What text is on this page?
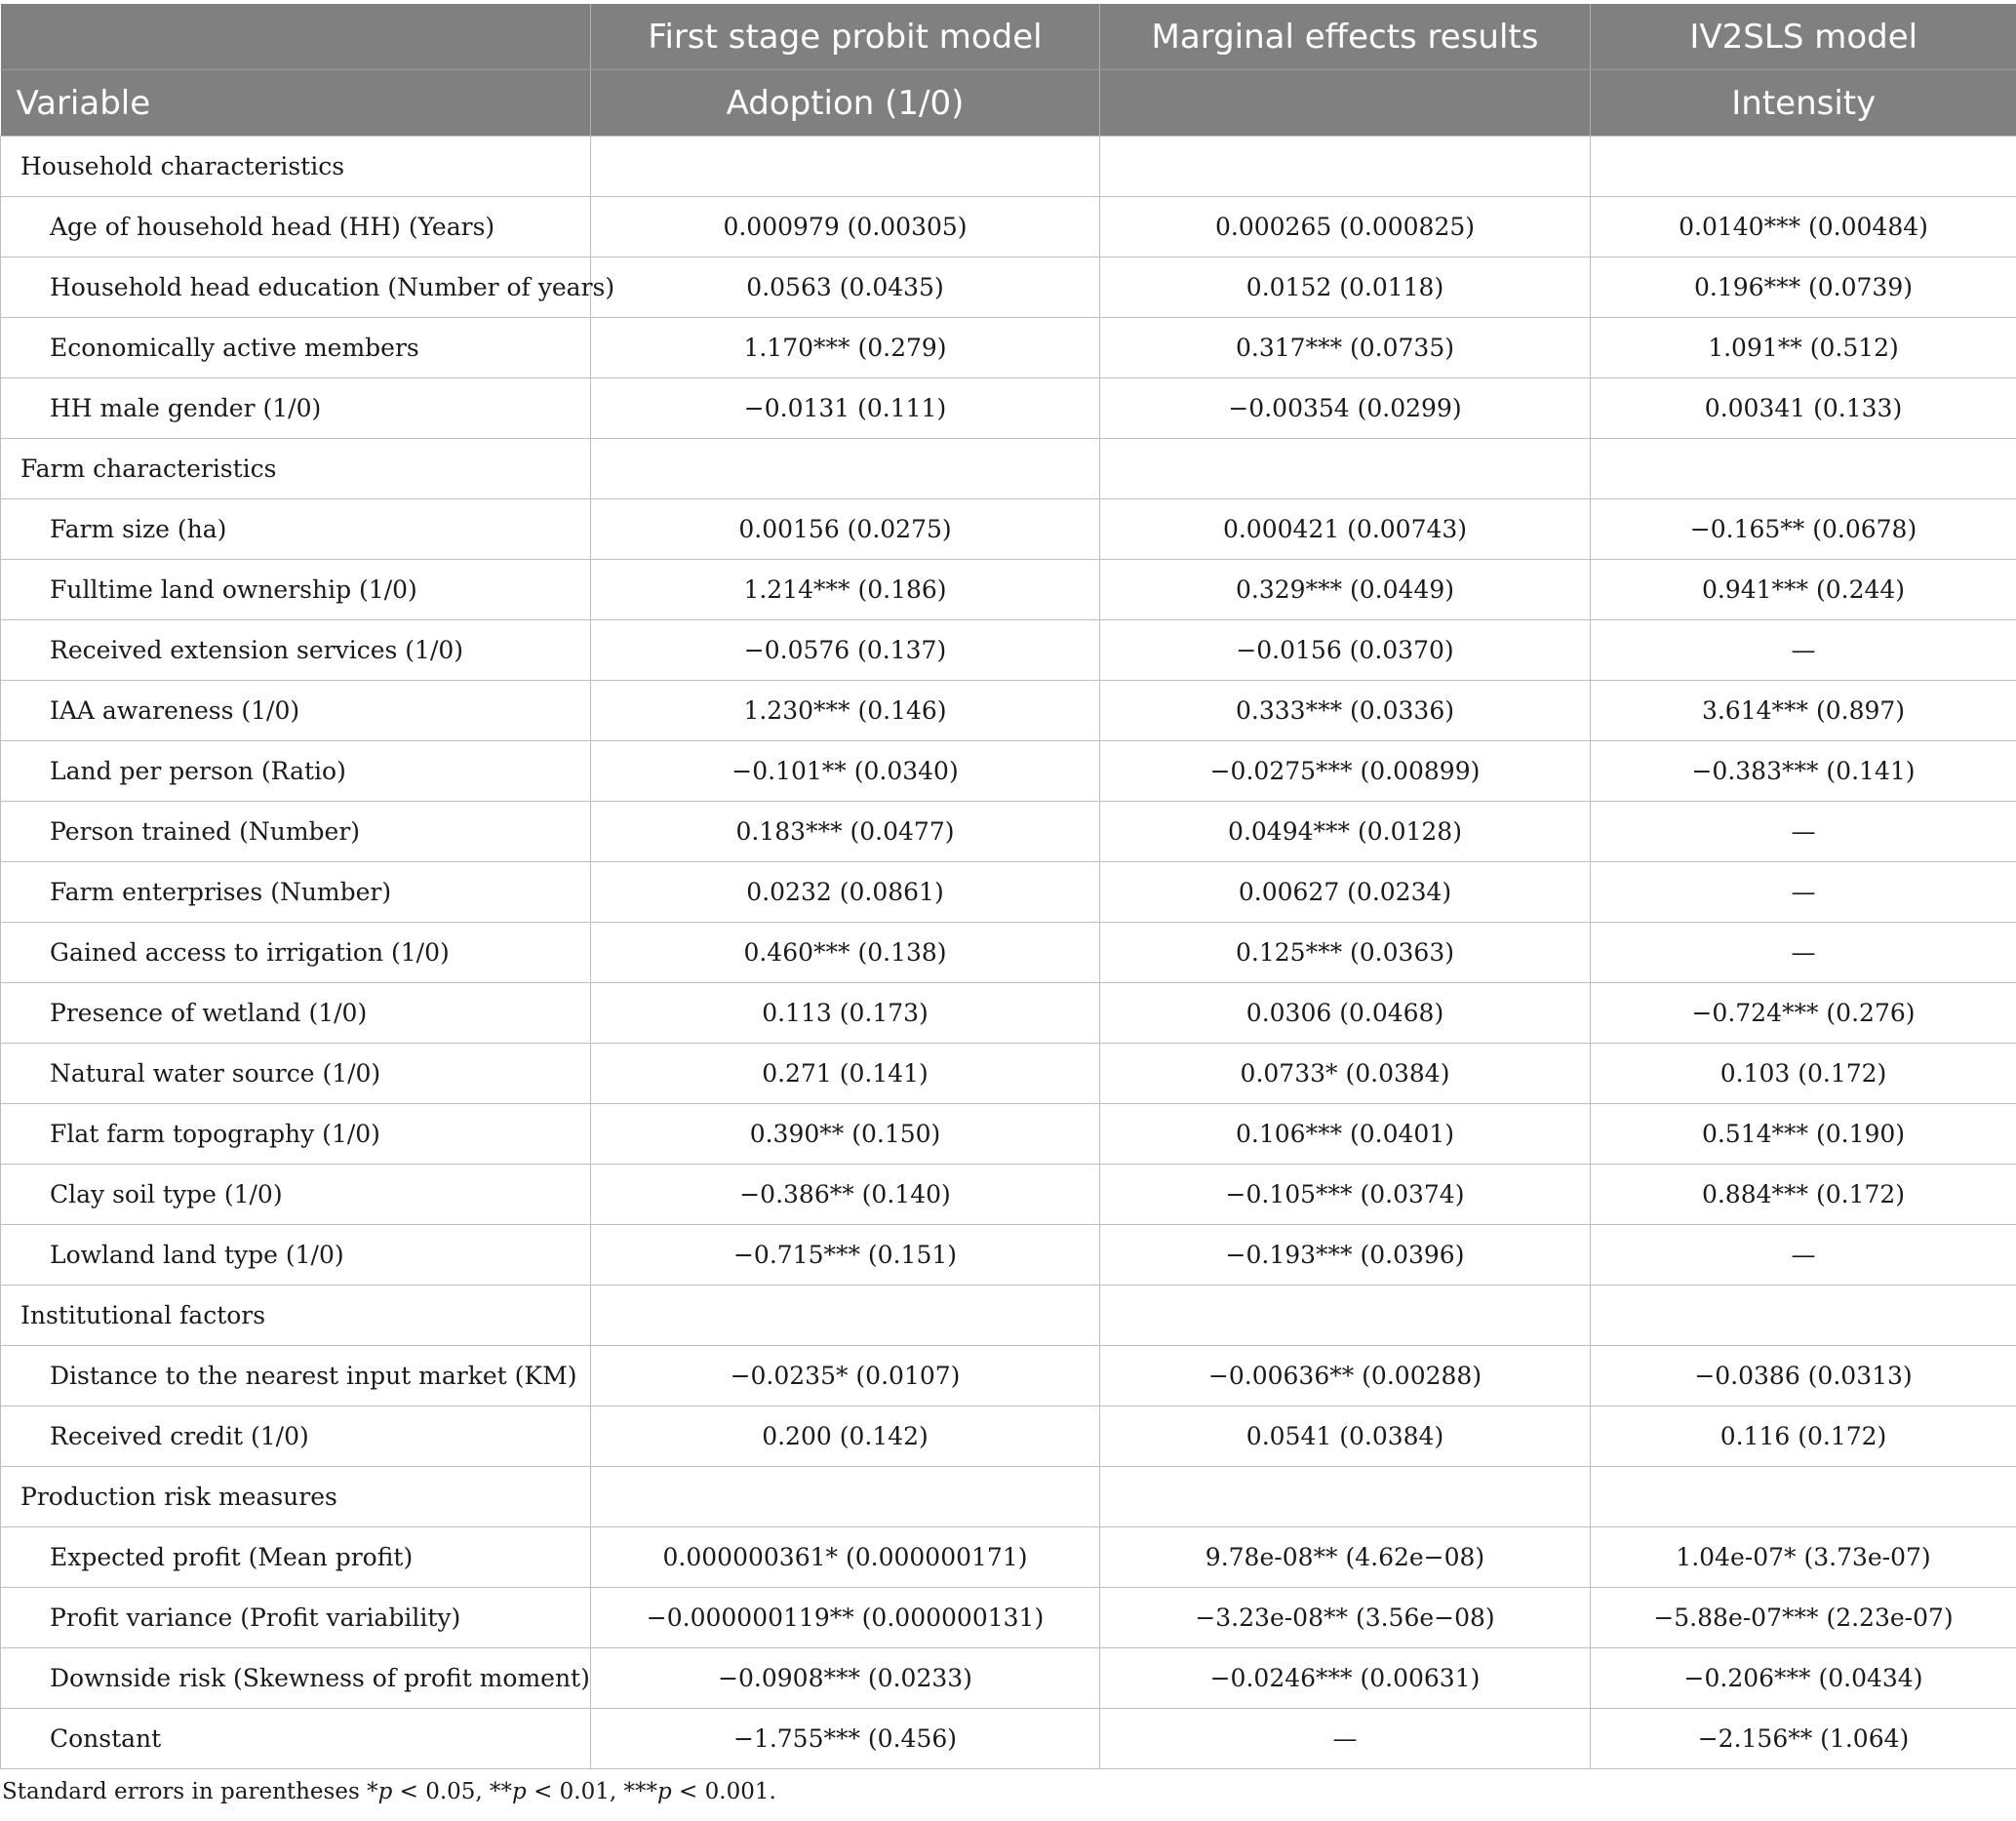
	First stage probit model	Marginal effects results	IV2SLS model
Variable	Adoption (1/0)		Intensity
Household characteristics			
Age of household head (HH) (Years)	0.000979 (0.00305)	0.000265 (0.000825)	0.0140*** (0.00484)
Household head education (Number of years)	0.0563 (0.0435)	0.0152 (0.0118)	0.196*** (0.0739)
Economically active members	1.170*** (0.279)	0.317*** (0.0735)	1.091** (0.512)
HH male gender (1/0)	−0.0131 (0.111)	−0.00354 (0.0299)	0.00341 (0.133)
Farm characteristics			
Farm size (ha)	0.00156 (0.0275)	0.000421 (0.00743)	−0.165** (0.0678)
Fulltime land ownership (1/0)	1.214*** (0.186)	0.329*** (0.0449)	0.941*** (0.244)
Received extension services (1/0)	−0.0576 (0.137)	−0.0156 (0.0370)	—
IAA awareness (1/0)	1.230*** (0.146)	0.333*** (0.0336)	3.614*** (0.897)
Land per person (Ratio)	−0.101** (0.0340)	−0.0275*** (0.00899)	−0.383*** (0.141)
Person trained (Number)	0.183*** (0.0477)	0.0494*** (0.0128)	—
Farm enterprises (Number)	0.0232 (0.0861)	0.00627 (0.0234)	—
Gained access to irrigation (1/0)	0.460*** (0.138)	0.125*** (0.0363)	—
Presence of wetland (1/0)	0.113 (0.173)	0.0306 (0.0468)	−0.724*** (0.276)
Natural water source (1/0)	0.271 (0.141)	0.0733* (0.0384)	0.103 (0.172)
Flat farm topography (1/0)	0.390** (0.150)	0.106*** (0.0401)	0.514*** (0.190)
Clay soil type (1/0)	−0.386** (0.140)	−0.105*** (0.0374)	0.884*** (0.172)
Lowland land type (1/0)	−0.715*** (0.151)	−0.193*** (0.0396)	—
Institutional factors			
Distance to the nearest input market (KM)	−0.0235* (0.0107)	−0.00636** (0.00288)	−0.0386 (0.0313)
Received credit (1/0)	0.200 (0.142)	0.0541 (0.0384)	0.116 (0.172)
Production risk measures			
Expected profit (Mean profit)	0.000000361* (0.000000171)	9.78e-08** (4.62e−08)	1.04e-07* (3.73e-07)
Profit variance (Profit variability)	−0.000000119** (0.000000131)	−3.23e-08** (3.56e−08)	−5.88e-07*** (2.23e-07)
Downside risk (Skewness of profit moment)	−0.0908*** (0.0233)	−0.0246*** (0.00631)	−0.206*** (0.0434)
Constant	−1.755*** (0.456)	—	−2.156** (1.064)
Standard errors in parentheses *p < 0.05, **p < 0.01, ***p < 0.001.
